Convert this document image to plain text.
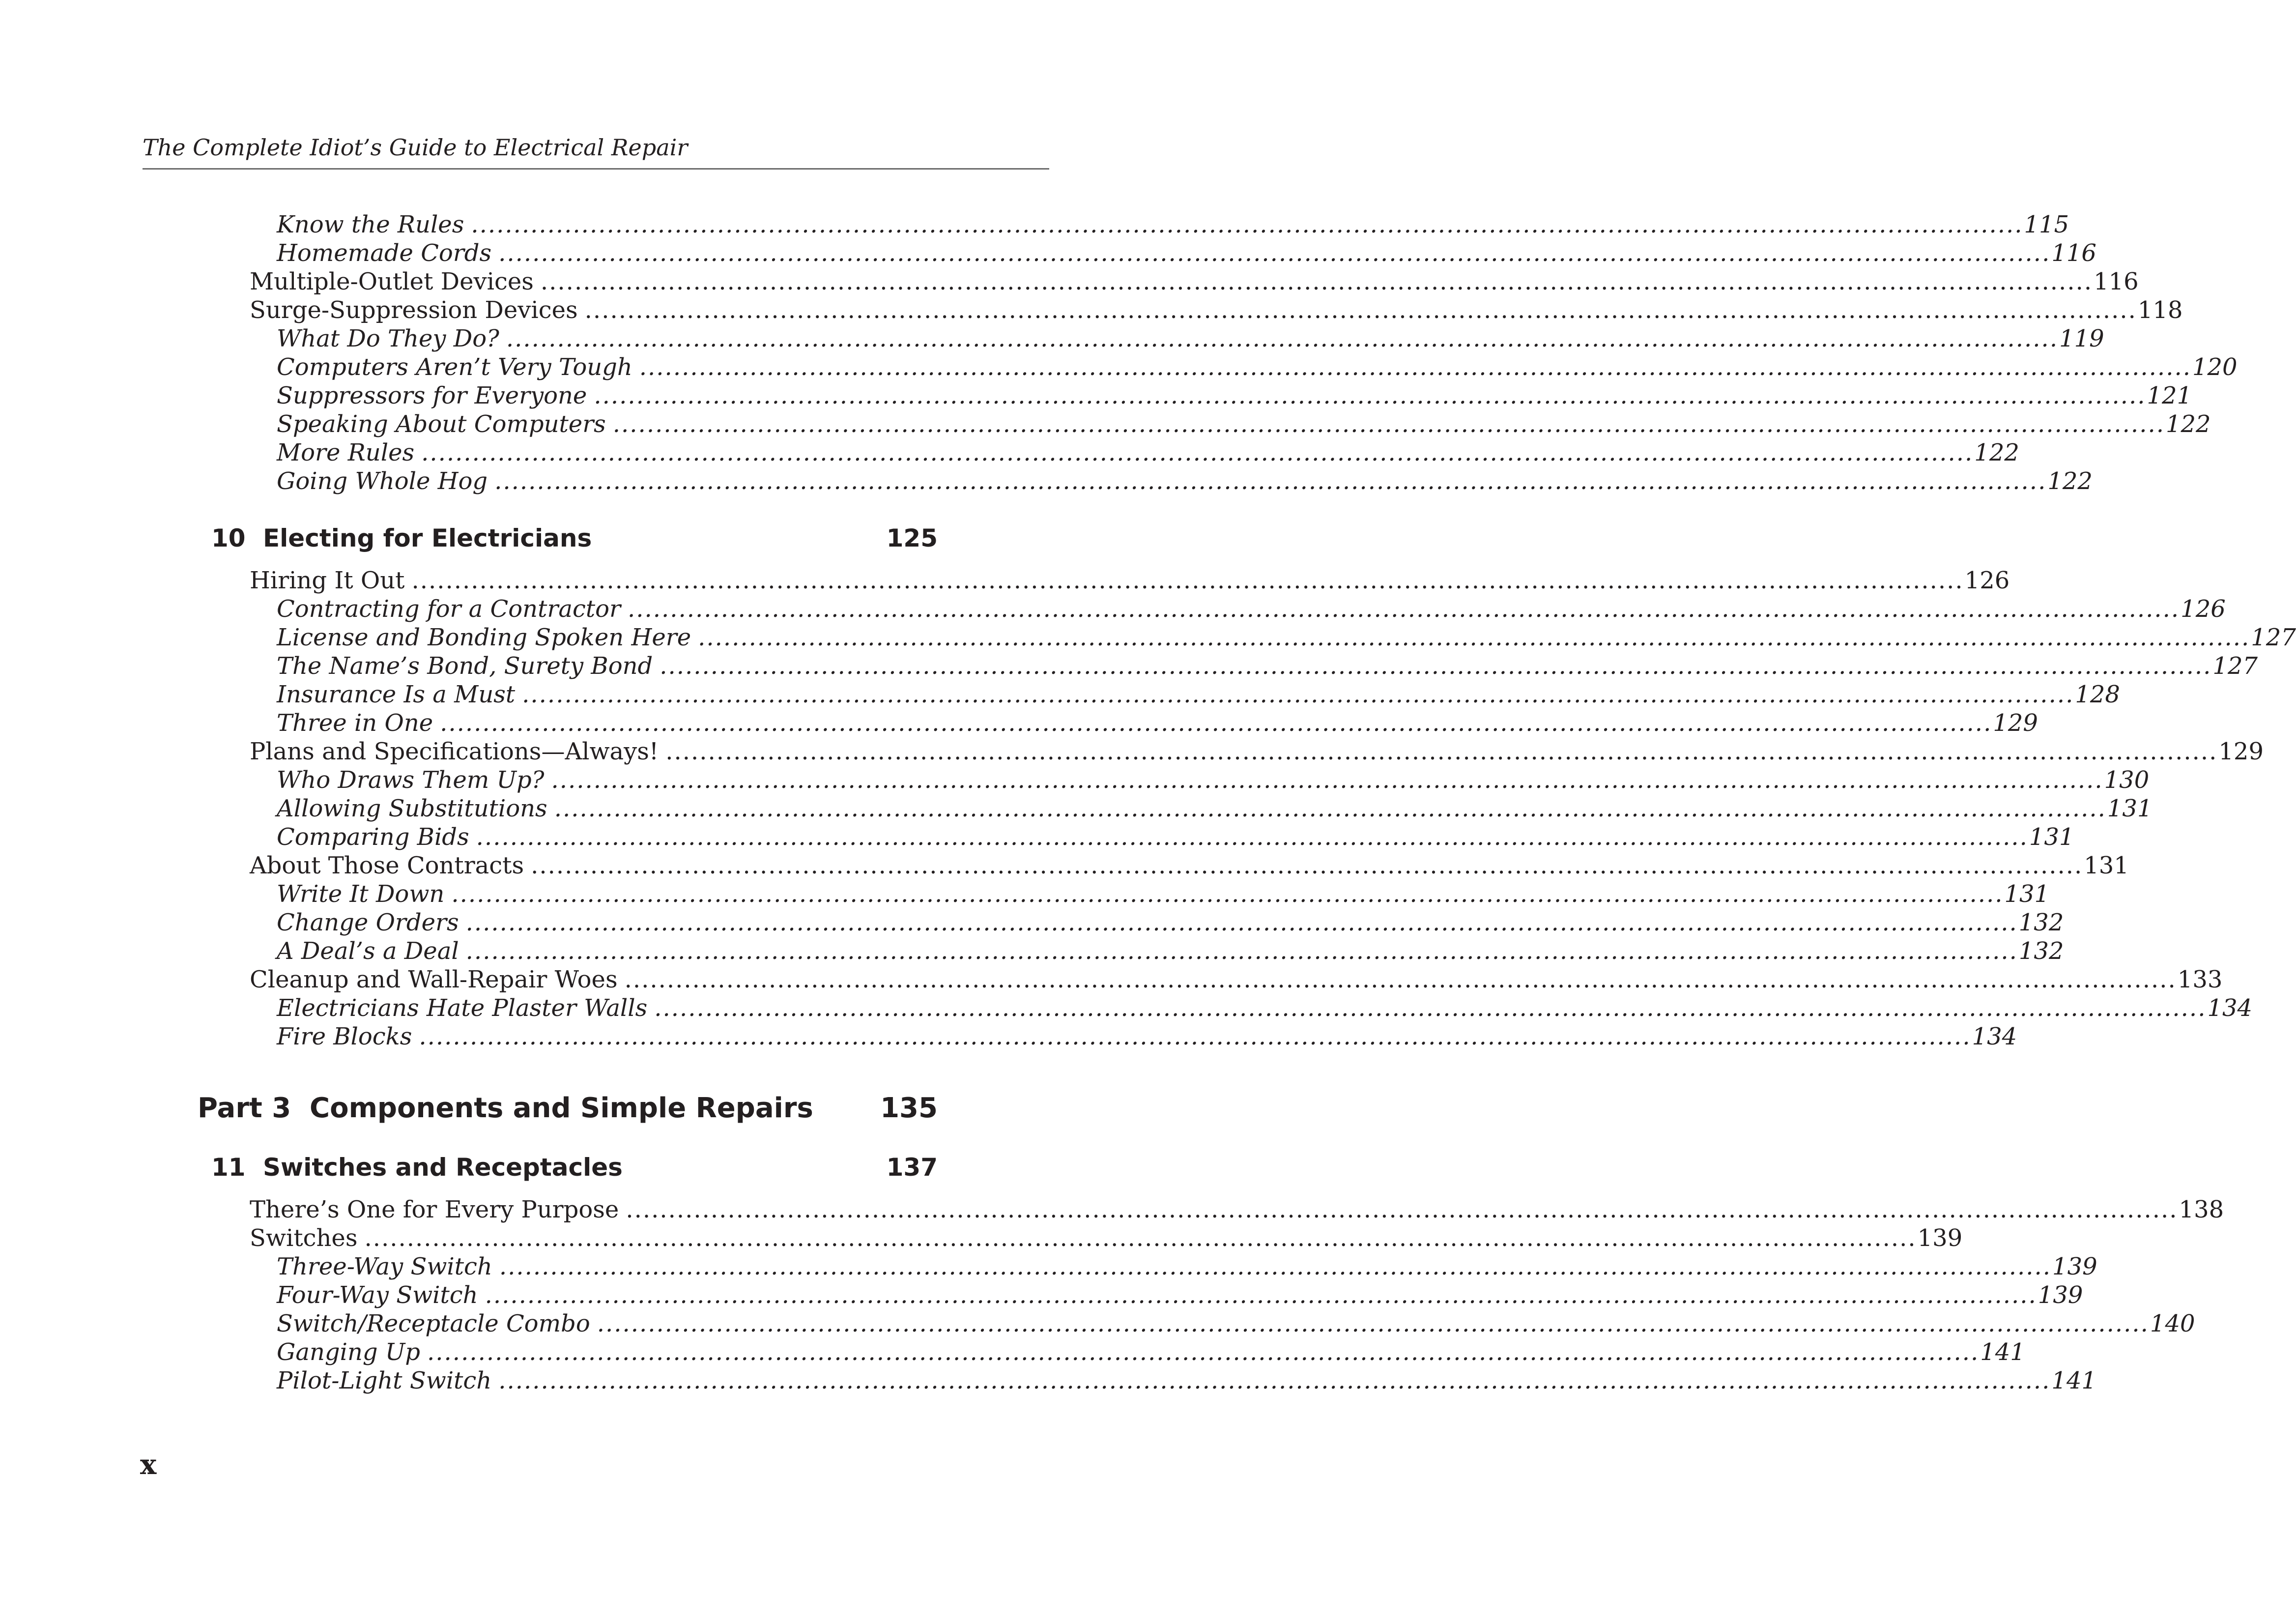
The Complete Idiot’s Guide to Electrical Repair
Know the Rules ....................................................................................................................................................................................... 115
Homemade Cords ....................................................................................................................................................................................... 116
Multiple-Outlet Devices ....................................................................................................................................................................................... 116
Surge-Suppression Devices ....................................................................................................................................................................................... 118
What Do They Do? ....................................................................................................................................................................................... 119
Computers Aren’t Very Tough ....................................................................................................................................................................................... 120
Suppressors for Everyone ....................................................................................................................................................................................... 121
Speaking About Computers ....................................................................................................................................................................................... 122
More Rules ....................................................................................................................................................................................... 122
Going Whole Hog ....................................................................................................................................................................................... 122
10 Electing for Electricians	125
Hiring It Out ....................................................................................................................................................................................... 126
Contracting for a Contractor ....................................................................................................................................................................................... 126
License and Bonding Spoken Here ....................................................................................................................................................................................... 127
The Name’s Bond, Surety Bond ....................................................................................................................................................................................... 127
Insurance Is a Must ....................................................................................................................................................................................... 128
Three in One ....................................................................................................................................................................................... 129
Plans and Specifications—Always! ....................................................................................................................................................................................... 129
Who Draws Them Up? ....................................................................................................................................................................................... 130
Allowing Substitutions ....................................................................................................................................................................................... 131
Comparing Bids ....................................................................................................................................................................................... 131
About Those Contracts ....................................................................................................................................................................................... 131
Write It Down ....................................................................................................................................................................................... 131
Change Orders ....................................................................................................................................................................................... 132
A Deal’s a Deal ....................................................................................................................................................................................... 132
Cleanup and Wall-Repair Woes ....................................................................................................................................................................................... 133
Electricians Hate Plaster Walls ....................................................................................................................................................................................... 134
Fire Blocks ....................................................................................................................................................................................... 134
Part 3 Components and Simple Repairs	135
11 Switches and Receptacles	137
There’s One for Every Purpose ....................................................................................................................................................................................... 138
Switches ....................................................................................................................................................................................... 139
Three-Way Switch ....................................................................................................................................................................................... 139
Four-Way Switch ....................................................................................................................................................................................... 139
Switch/Receptacle Combo ....................................................................................................................................................................................... 140
Ganging Up ....................................................................................................................................................................................... 141
Pilot-Light Switch ....................................................................................................................................................................................... 141
x
